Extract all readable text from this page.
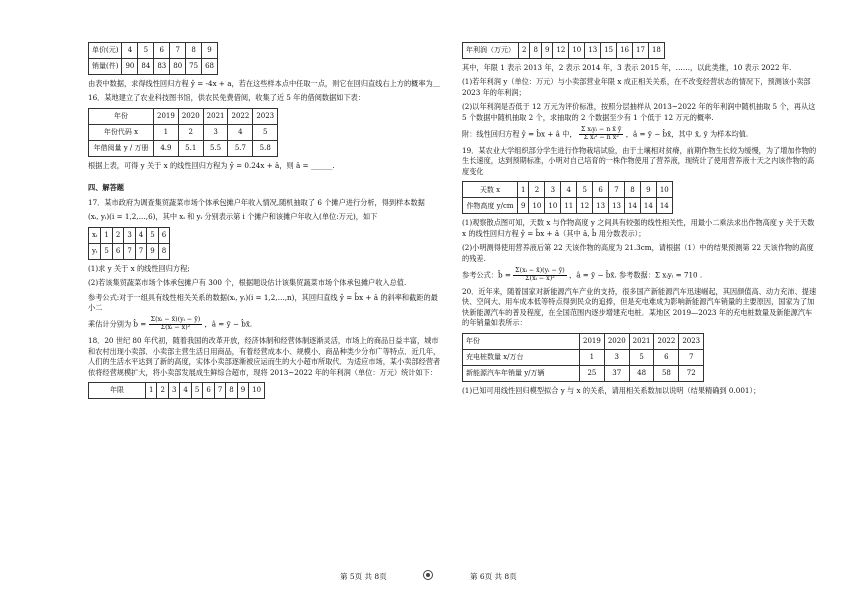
单价(元)	4	5	6	7	8	9
销量(件)	90	84	83	80	75	68

由表中数据，求得线性回归方程 ŷ = -4x + a，若在这些样本点中任取一点，则它在回归直线右上方的概率为＿

16．某地建立了农业科技图书馆，供农民免费借阅，收集了近 5 年的借阅数据如下表：

年份	2019	2020	2021	2022	2023
年份代码 x	1	2	3	4	5
年借阅量 y / 万册	4.9	5.1	5.5	5.7	5.8

根据上表，可得 y 关于 x 的线性回归方程为 ŷ = 0.24x + â，则 â = ______.

四、解答题

17．某市政府为调查集贸蔬菜市场个体承包摊户年收入情况,随机抽取了 6 个摊户进行分析，得到样本数据

(xᵢ, yᵢ)(i = 1,2,…,6)，其中 xᵢ 和 yᵢ 分别表示第 i 个摊户和该摊户年收入(单位:万元)，如下

xᵢ	1	2	3	4	5	6
yᵢ	5	6	7	7	9	8

(1)求 y 关于 x 的线性回归方程;

(2)若该集贸蔬菜市场个体承包摊户有 300 个，根据题设估计该集贸蔬菜市场个体承包摊户收入总值.

参考公式:对于一组具有线性相关关系的数据(xᵢ, yᵢ)(i = 1,2,…,n)，其回归直线 ŷ = b̂x + â 的斜率和截距的最小二

乘估计分别为 b̂ = $\frac{\text{Σ(xᵢ − x̄)(yᵢ − ȳ)}}{\text{Σ(xᵢ − x̄)²}}$ ，â = ȳ − b̂x̄.

18．20 世纪 80 年代初，随着我国的改革开放，经济体制和经营体制逐渐灵活，市场上的商品日益丰富，城市和农村出现小卖部．小卖部主营生活日用商品，有着经营成本小、规模小、商品种类少分布广等特点．近几年，人们的生活水平达到了新的高度，实体小卖部逐渐被应运而生的大小超市所取代．为适应市场，某小卖部经营者依将经营规模扩大，将小卖部发展成生鲜综合超市，现将 2013~2022 年的年利润（单位：万元）统计如下：

年限	1	2	3	4	5	6	7	8	9	10
年利润（万元）	2	8	9	12	10	13	15	16	17	18

其中，年限 1 表示 2013 年，2 表示 2014 年，3 表示 2015 年，……，以此类推，10 表示 2022 年.

(1)若年利润 y（单位：万元）与小卖部营业年限 x 成正相关关系，在不改变经营状态的情况下，预测该小卖部 2023 年的年利润；

(2)以年利润是否低于 12 万元为评价标准，按照分层抽样从 2013~2022 年的年利润中随机抽取 5 个，再从这 5 个数据中随机抽取 2 个，求抽取的 2 个数据至少有 1 个低于 12 万元的概率.

附：线性回归方程 ŷ = b̂x + â 中， $\frac{\text{Σ xᵢyᵢ − n x̄ ȳ}}{\text{Σ xᵢ² − n x̄²}}$ ，â = ȳ − b̂x̄，其中 x̄, ȳ 为样本均值.

19．某农业大学组织部分学生进行作物栽培试验，由于土壤相对贫瘠，前期作物生长较为缓慢，为了增加作物的生长速度，达到预期标准，小明对自己培育的一株作物使用了营养液，现统计了使用营养液十天之内该作物的高度变化

天数 x	1	2	3	4	5	6	7	8	9	10
作物高度 y/cm	9	10	10	11	12	13	13	14	14	14

(1)观察散点图可知，天数 x 与作物高度 y 之间具有较强的线性相关性，用最小二乘法求出作物高度 y 关于天数 x 的线性回归方程 ŷ = b̂x + â（其中 â, b̂ 用分数表示）；

(2)小明测得使用营养液后第 22 天该作物的高度为 21.3cm，请根据（1）中的结果预测第 22 天该作物的高度的残差.

参考公式：b̂ = $\frac{\text{Σ(xᵢ − x̄)(yᵢ − ȳ)}}{\text{Σ(xᵢ − x̄)²}}$ ，â = ȳ − b̂x̄. 参考数据：Σ xᵢyᵢ = 710 .

20．近年来，随着国家对新能源汽车产业的支持，很多国产新能源汽车迅速崛起，其因颜值高、动力充沛、提速快、空间大、用车成本低等特点得到民众的追捧，但是充电难成为影响新能源汽车销量的主要原因，国家为了加快新能源汽车的普及程度，在全国范围内逐步增建充电桩．某地区 2019—2023 年的充电桩数量及新能源汽车的年销量如表所示：

年份	2019	2020	2021	2022	2023
充电桩数量 x/万台	1	3	5	6	7
新能源汽车年销量 y/万辆	25	37	48	58	72

(1)已知可用线性回归模型拟合 y 与 x 的关系，请用相关系数加以说明（结果精确到 0.001）；

第 5页 共 8页	第 6页 共 8页
